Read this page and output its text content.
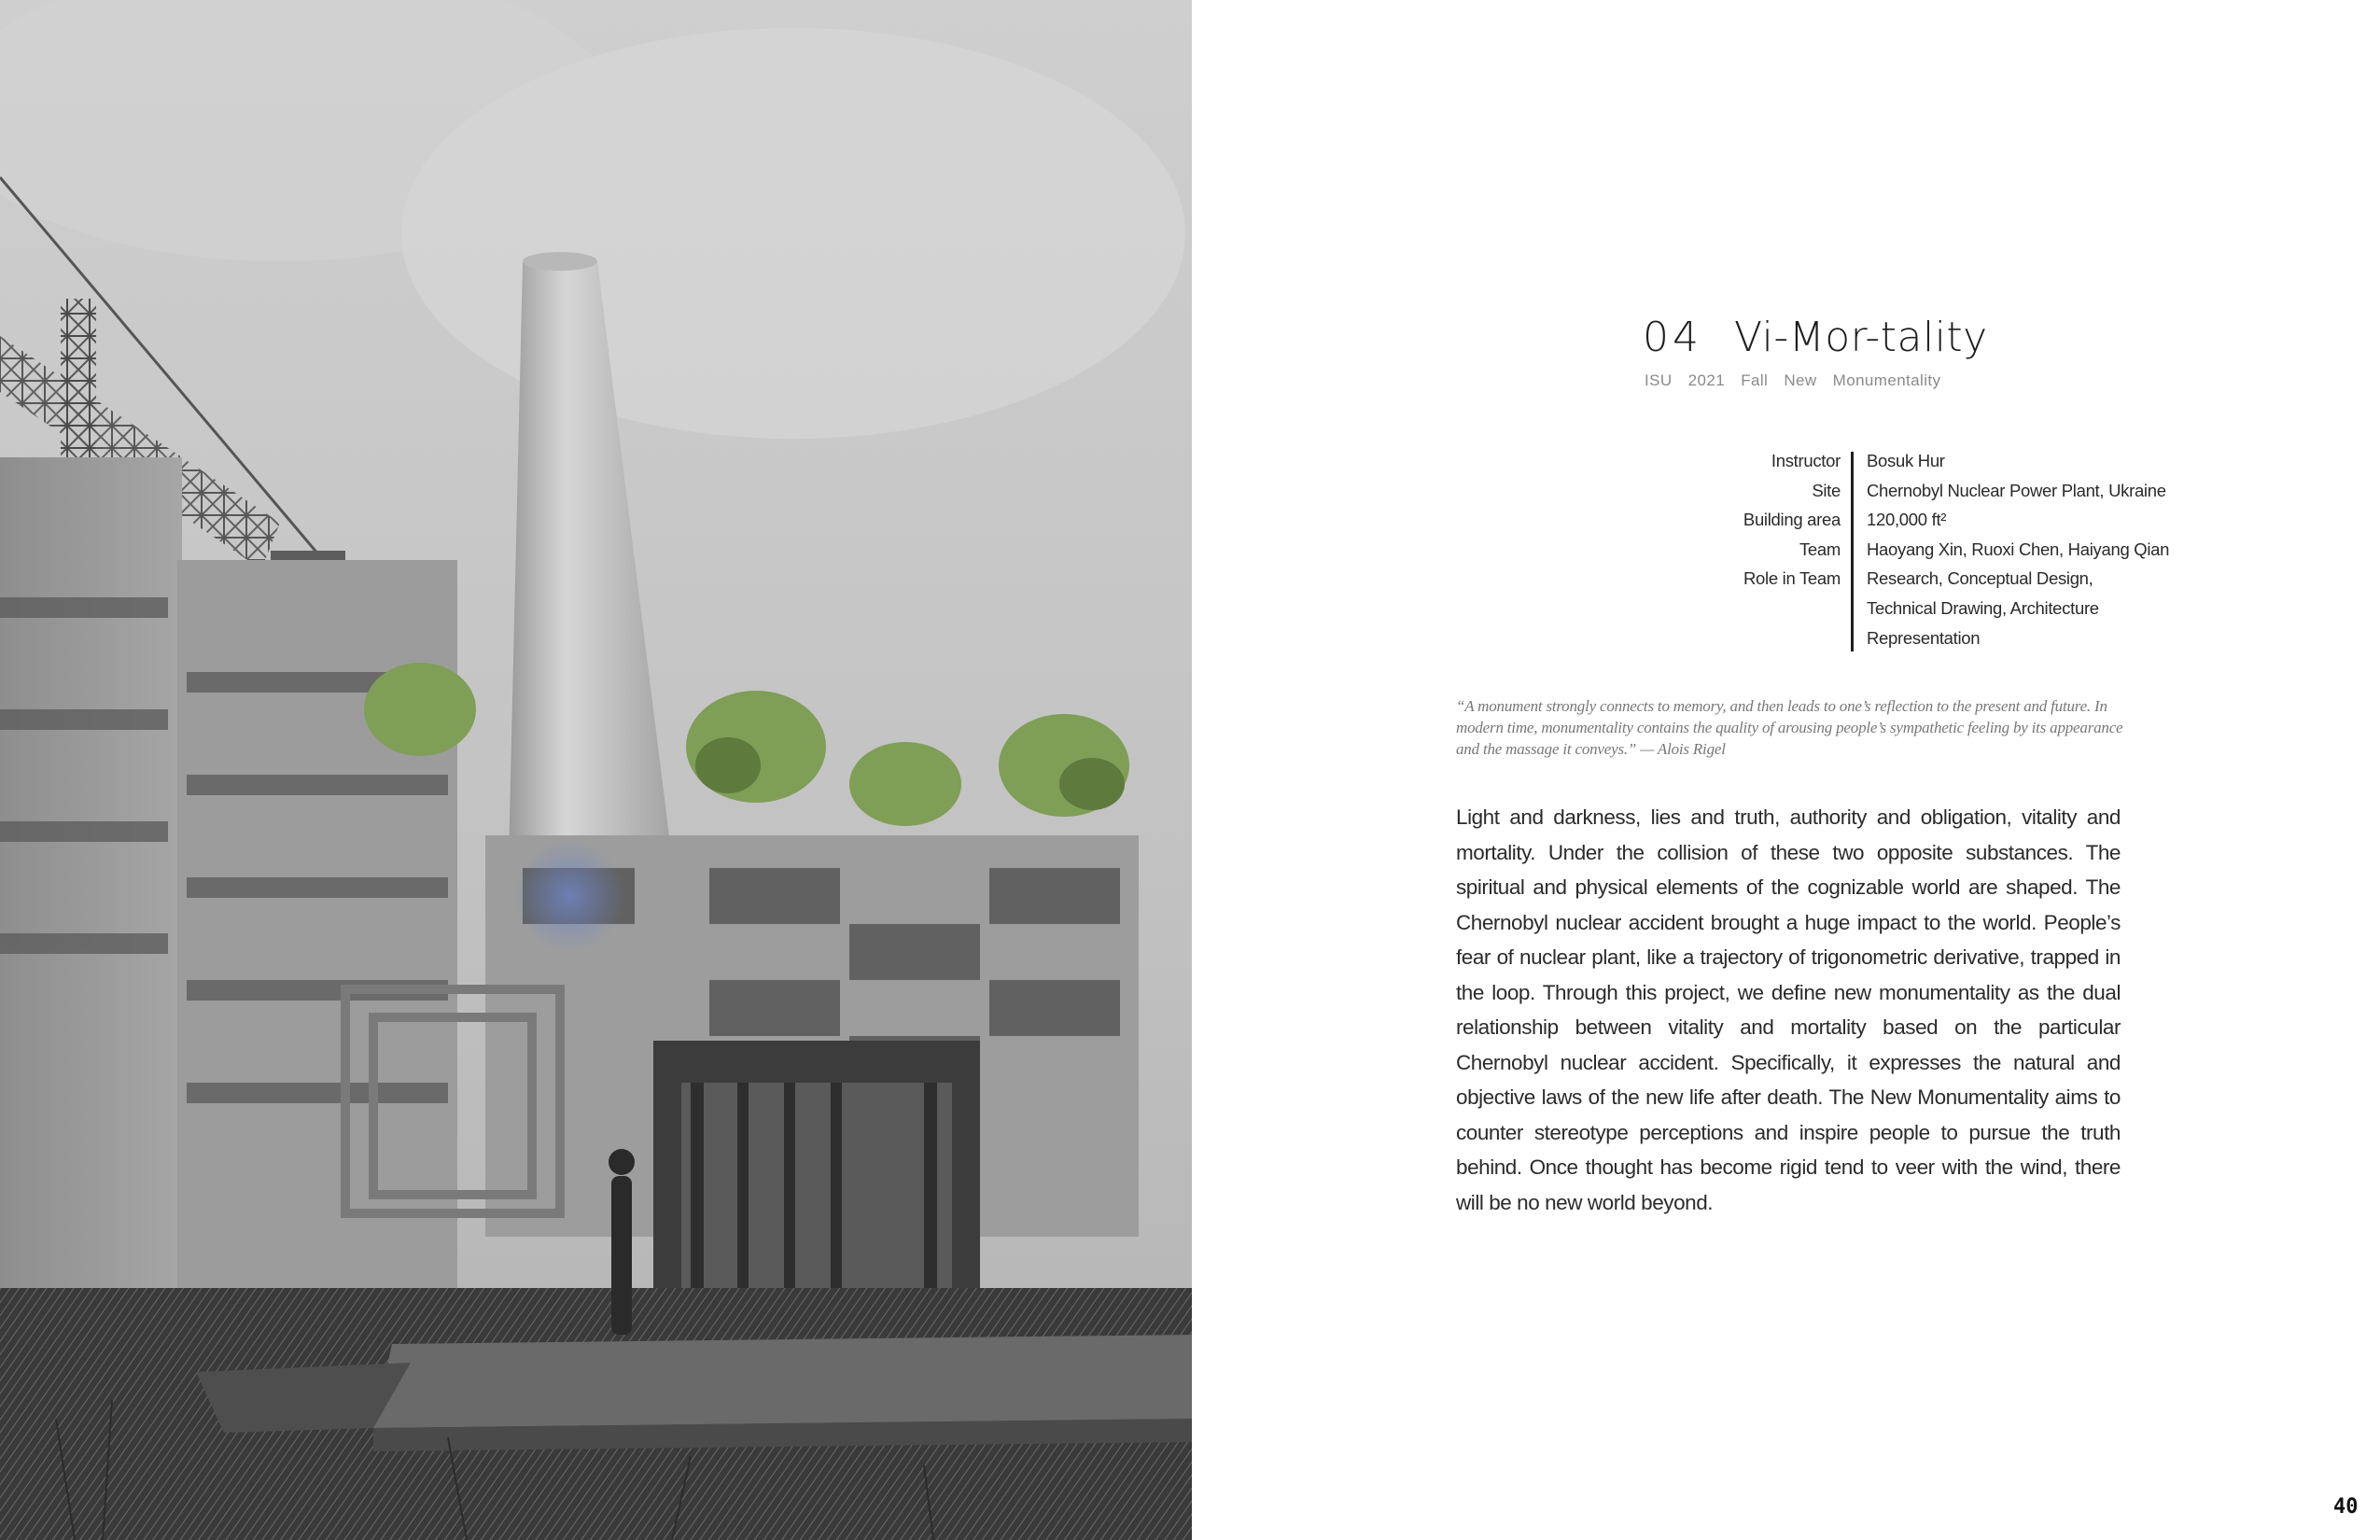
04 Vi-Mor-tality
ISU 2021 Fall New Monumentality
Instructor
Site
Building area
Team
Role in Team
Bosuk Hur
Chernobyl Nuclear Power Plant, Ukraine
120,000 ft²
Haoyang Xin, Ruoxi Chen, Haiyang Qian
Research, Conceptual Design,
Technical Drawing, Architecture
Representation
“A monument strongly connects to memory, and then leads to one’s reflection to the present and future. In modern time, monumentality contains the quality of arousing people’s sympathetic feeling by its appearance and the massage it conveys.” — Alois Rigel
Light and darkness, lies and truth, authority and obligation, vitality and mortality. Under the collision of these two opposite substances. The spiritual and physical elements of the cognizable world are shaped. The Chernobyl nuclear accident brought a huge impact to the world. People’s fear of nuclear plant, like a trajectory of trigonometric derivative, trapped in the loop. Through this project, we define new monumentality as the dual relationship between vitality and mortality based on the particular Chernobyl nuclear accident. Specifically, it expresses the natural and objective laws of the new life after death. The New Monumentality aims to counter stereotype perceptions and inspire people to pursue the truth behind. Once thought has become rigid tend to veer with the wind, there will be no new world beyond.
40
